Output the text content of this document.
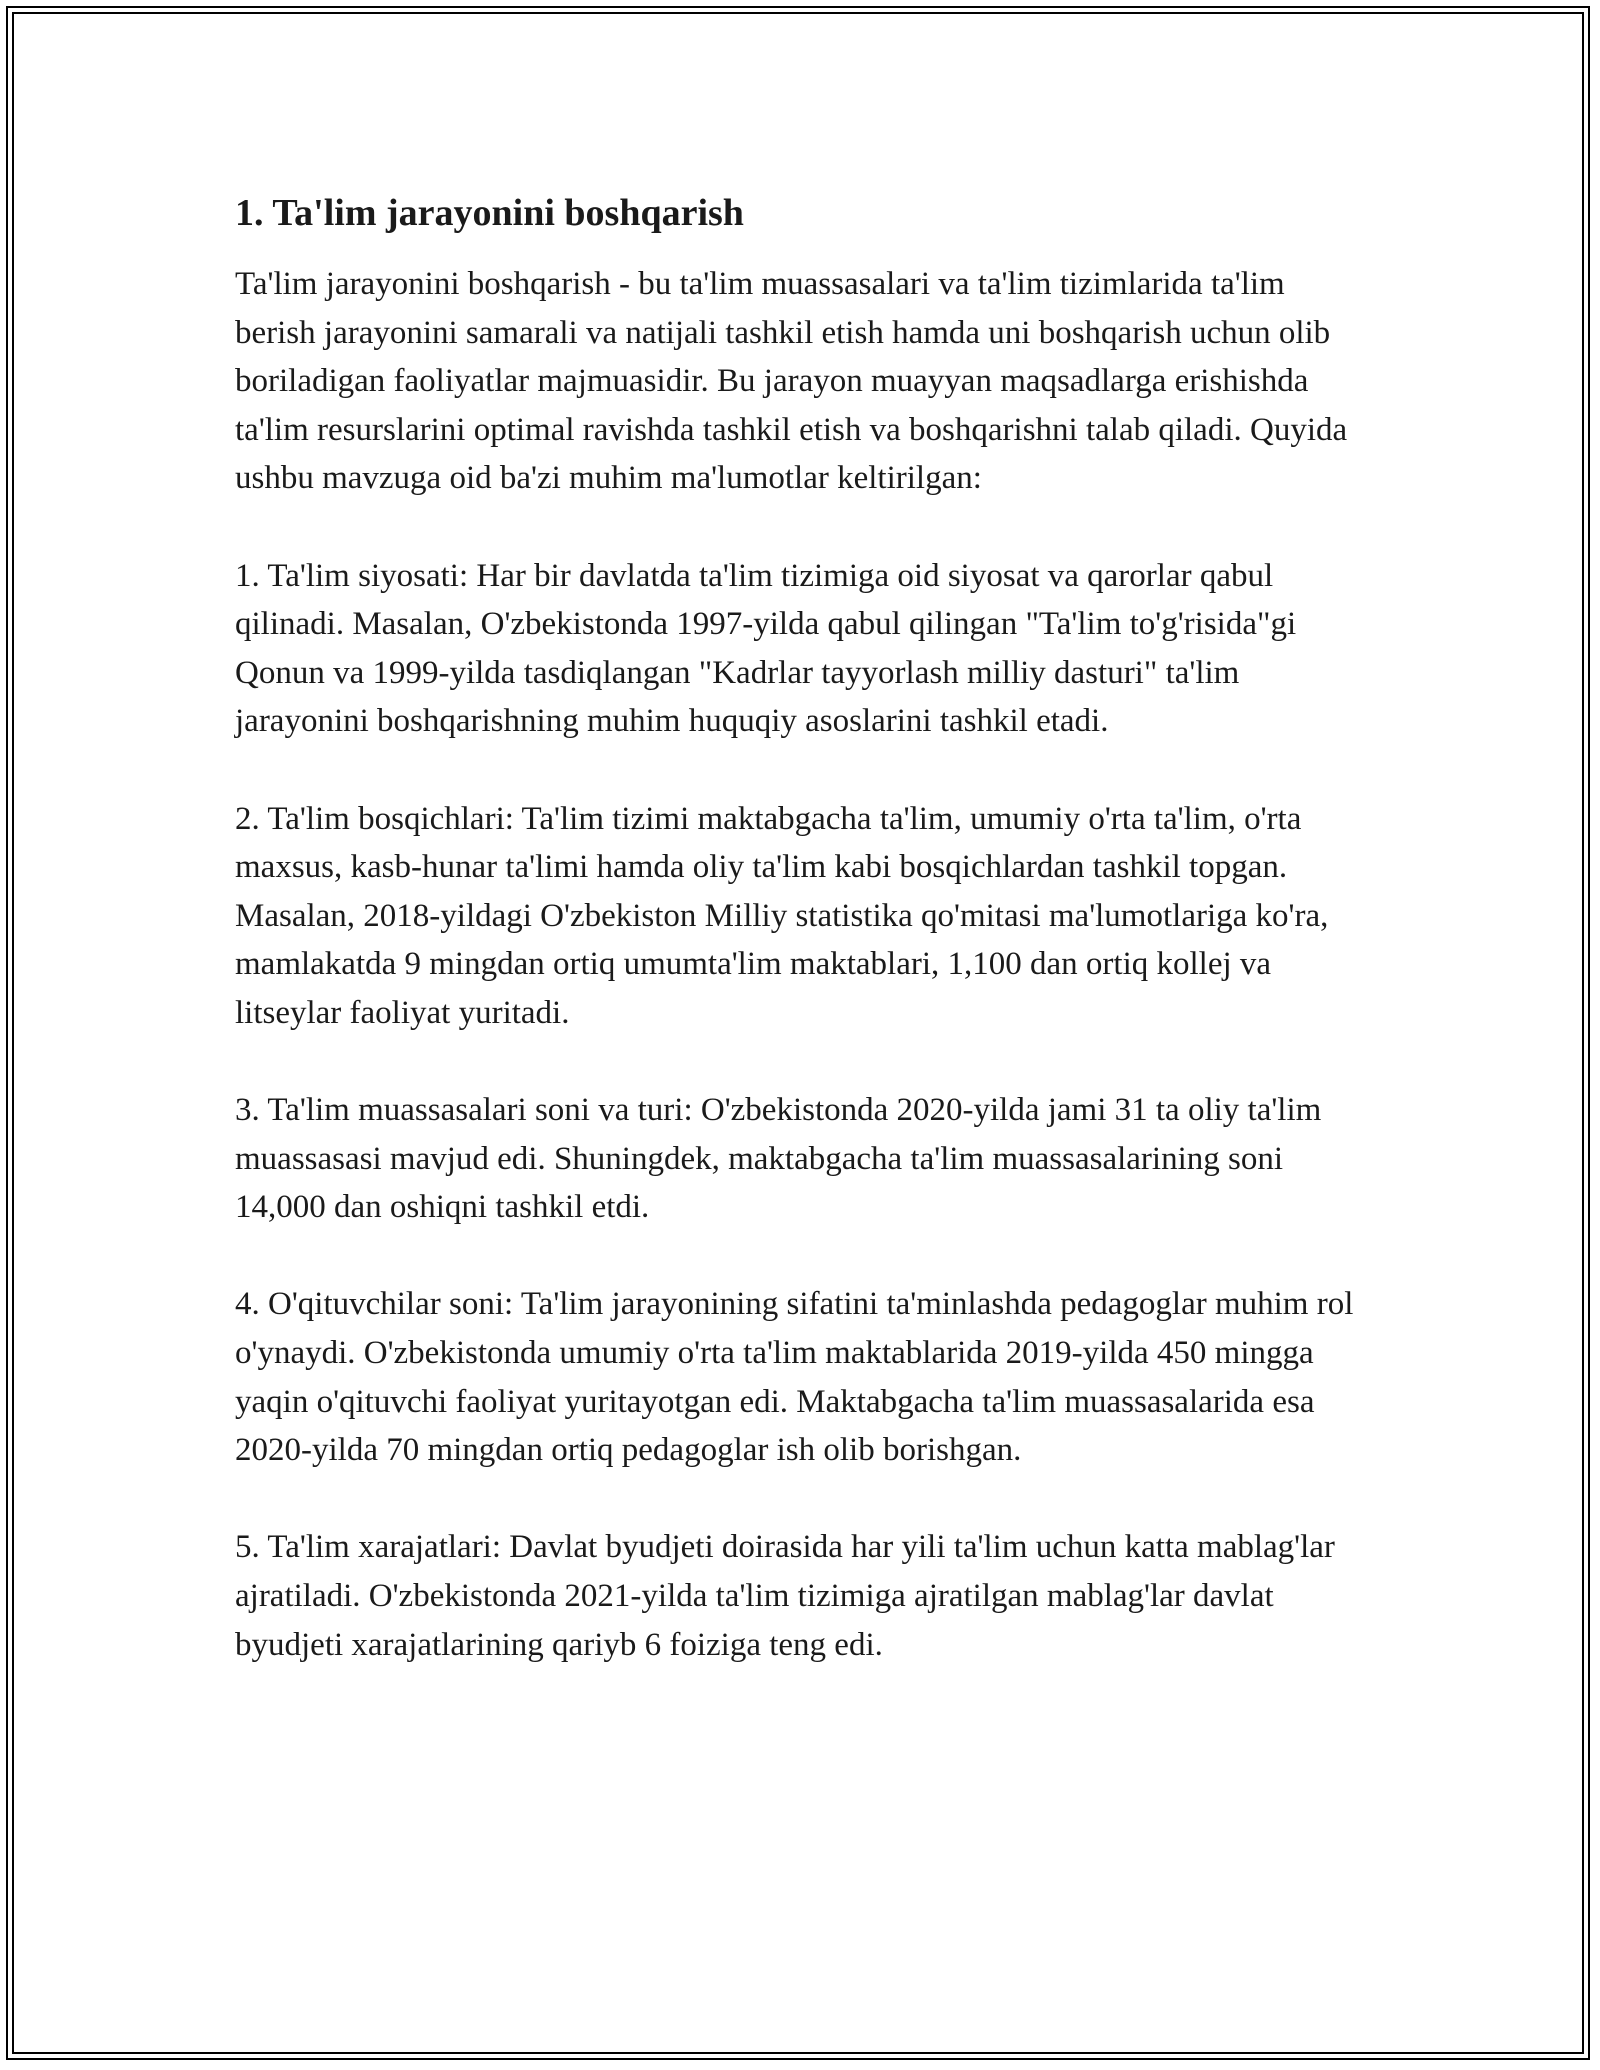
1. Ta'lim jarayonini boshqarish

Ta'lim jarayonini boshqarish - bu ta'lim muassasalari va ta'lim tizimlarida ta'lim berish jarayonini samarali va natijali tashkil etish hamda uni boshqarish uchun olib boriladigan faoliyatlar majmuasidir. Bu jarayon muayyan maqsadlarga erishishda ta'lim resurslarini optimal ravishda tashkil etish va boshqarishni talab qiladi. Quyida ushbu mavzuga oid ba'zi muhim ma'lumotlar keltirilgan:

1. Ta'lim siyosati: Har bir davlatda ta'lim tizimiga oid siyosat va qarorlar qabul qilinadi. Masalan, O'zbekistonda 1997-yilda qabul qilingan "Ta'lim to'g'risida"gi Qonun va 1999-yilda tasdiqlangan "Kadrlar tayyorlash milliy dasturi" ta'lim jarayonini boshqarishning muhim huquqiy asoslarini tashkil etadi.

2. Ta'lim bosqichlari: Ta'lim tizimi maktabgacha ta'lim, umumiy o'rta ta'lim, o'rta maxsus, kasb-hunar ta'limi hamda oliy ta'lim kabi bosqichlardan tashkil topgan. Masalan, 2018-yildagi O'zbekiston Milliy statistika qo'mitasi ma'lumotlariga ko'ra, mamlakatda 9 mingdan ortiq umumta'lim maktablari, 1,100 dan ortiq kollej va litseylar faoliyat yuritadi.

3. Ta'lim muassasalari soni va turi: O'zbekistonda 2020-yilda jami 31 ta oliy ta'lim muassasasi mavjud edi. Shuningdek, maktabgacha ta'lim muassasalarining soni 14,000 dan oshiqni tashkil etdi.

4. O'qituvchilar soni: Ta'lim jarayonining sifatini ta'minlashda pedagoglar muhim rol o'ynaydi. O'zbekistonda umumiy o'rta ta'lim maktablarida 2019-yilda 450 mingga yaqin o'qituvchi faoliyat yuritayotgan edi. Maktabgacha ta'lim muassasalarida esa 2020-yilda 70 mingdan ortiq pedagoglar ish olib borishgan.

5. Ta'lim xarajatlari: Davlat byudjeti doirasida har yili ta'lim uchun katta mablag'lar ajratiladi. O'zbekistonda 2021-yilda ta'lim tizimiga ajratilgan mablag'lar davlat byudjeti xarajatlarining qariyb 6 foiziga teng edi.
